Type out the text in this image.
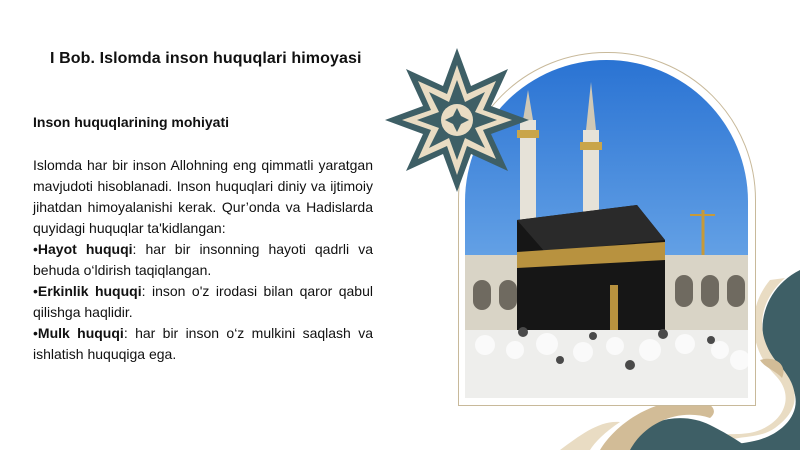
I Bob. Islomda inson huquqlari himoyasi
Inson huquqlarining mohiyati

Islomda har bir inson Allohning eng qimmatli yaratgan mavjudoti hisoblanadi. Inson huquqlari diniy va ijtimoiy jihatdan himoyalanishi kerak. Qur’onda va Hadislarda quyidagi huquqlar ta'kidlangan:

•Hayot huquqi: har bir insonning hayoti qadrli va behuda o‘ldirish taqiqlangan.

•Erkinlik huquqi: inson o'z irodasi bilan qaror qabul qilishga haqlidir.

•Mulk huquqi: har bir inson o‘z mulkini saqlash va ishlatish huquqiga ega.
